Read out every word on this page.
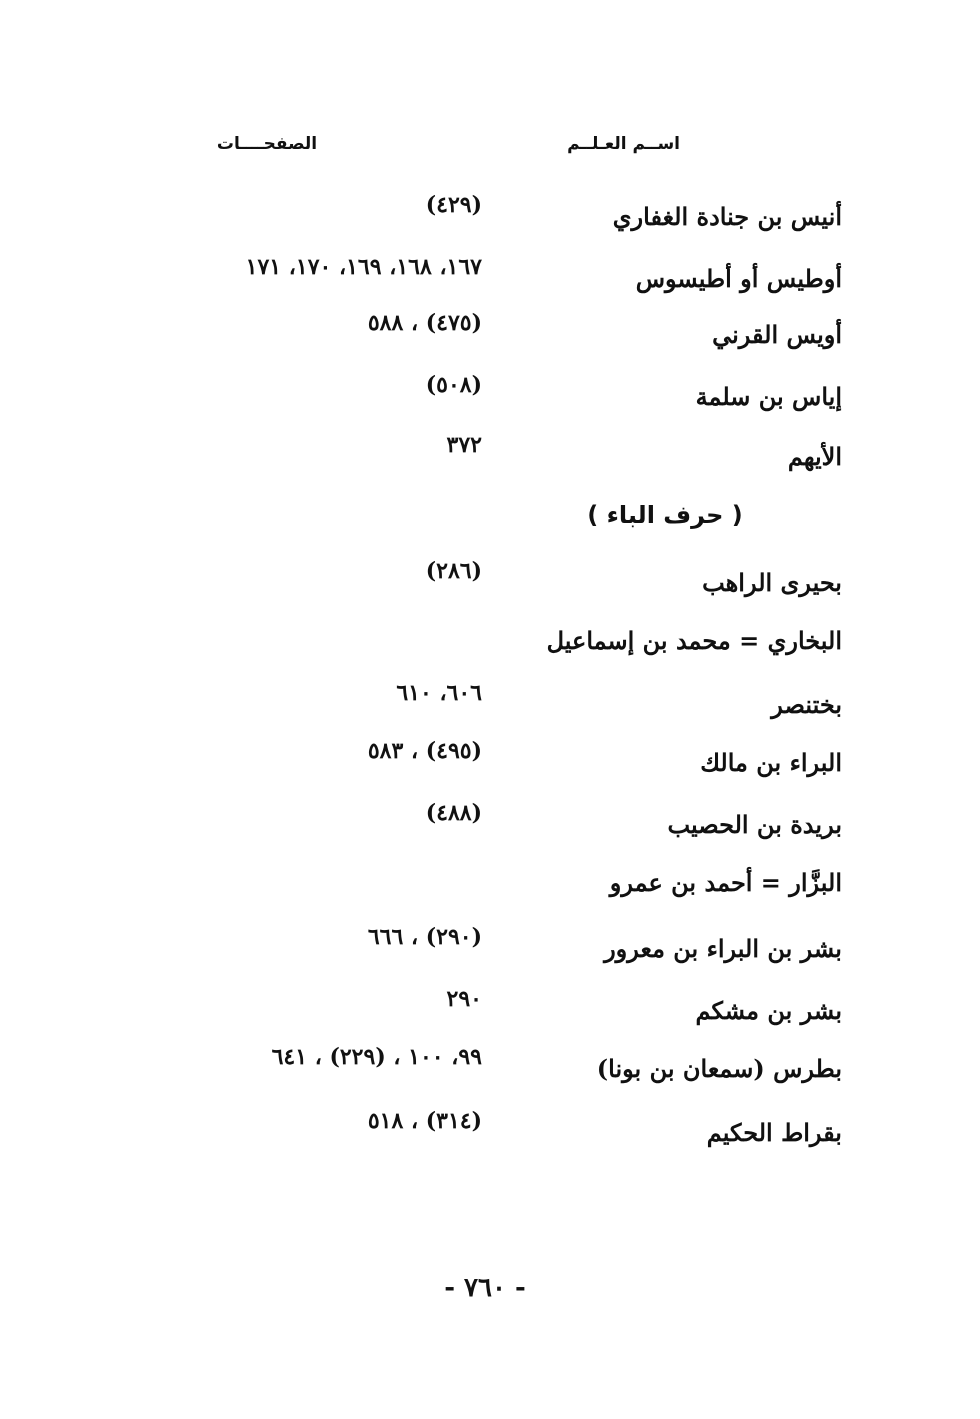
اســم العـلــم
الصفحــــات
أنيس بن جنادة الغفاري
(٤٢٩)
أوطيس أو أطيسوس
١٦٧، ١٦٨، ١٦٩، ١٧٠، ١٧١
أويس القرني
(٤٧٥) ، ٥٨٨
إياس بن سلمة
(٥٠٨)
الأيهم
٣٧٢
( حرف الباء )
بحيرى الراهب
(٢٨٦)
البخاري = محمد بن إسماعيل
بختنصر
٦٠٦، ٦١٠
البراء بن مالك
(٤٩٥) ، ٥٨٣
بريدة بن الحصيب
(٤٨٨)
البزَّار = أحمد بن عمرو
بشر بن البراء بن معرور
(٢٩٠) ، ٦٦٦
بشر بن مشكم
٢٩٠
بطرس (سمعان بن بونا)
٩٩، ١٠٠ ، (٢٢٩) ، ٦٤١
بقراط الحكيم
(٣١٤) ، ٥١٨
- ٧٦٠ -
